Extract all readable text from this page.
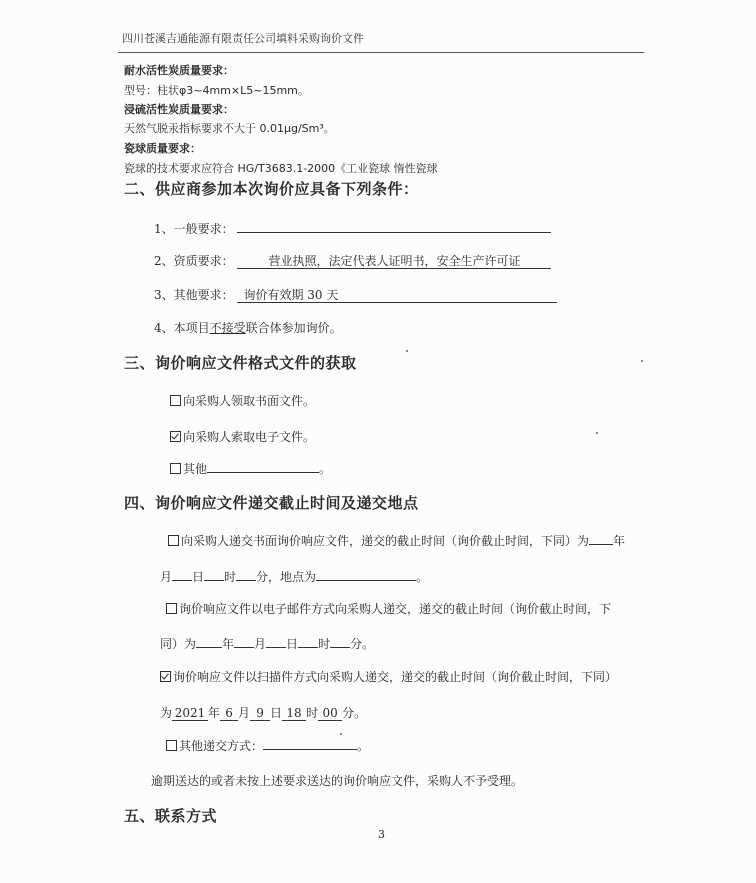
四川苍溪吉通能源有限责任公司填料采购询价文件
耐水活性炭质量要求：
型号：柱状φ3~4mm×L5~15mm。
浸硫活性炭质量要求：
天然气脱汞指标要求不大于 0.01μg/Sm³。
瓷球质量要求：
瓷球的技术要求应符合 HG/T3683.1-2000《工业瓷球 惰性瓷球
二、供应商参加本次询价应具备下列条件：
1、一般要求：
2、资质要求：	营业执照，法定代表人证明书，安全生产许可证
3、其他要求： 询价有效期 30 天
4、本项目不接受联合体参加询价。
三、询价响应文件格式文件的获取
向采购人领取书面文件。
向采购人索取电子文件。
其他	。
四、询价响应文件递交截止时间及递交地点
向采购人递交书面询价响应文件，递交的截止时间（询价截止时间，下同）为 年
月 日 时 分，地点为	。
询价响应文件以电子邮件方式向采购人递交，递交的截止时间（询价截止时间，下
同）为 年 月 日 时 分。
询价响应文件以扫描件方式向采购人递交，递交的截止时间（询价截止时间，下同）
为 2021 年 6 月 9 日 18 时 00 分。
其他递交方式：	。
逾期送达的或者未按上述要求送达的询价响应文件，采购人不予受理。
五、联系方式
3
